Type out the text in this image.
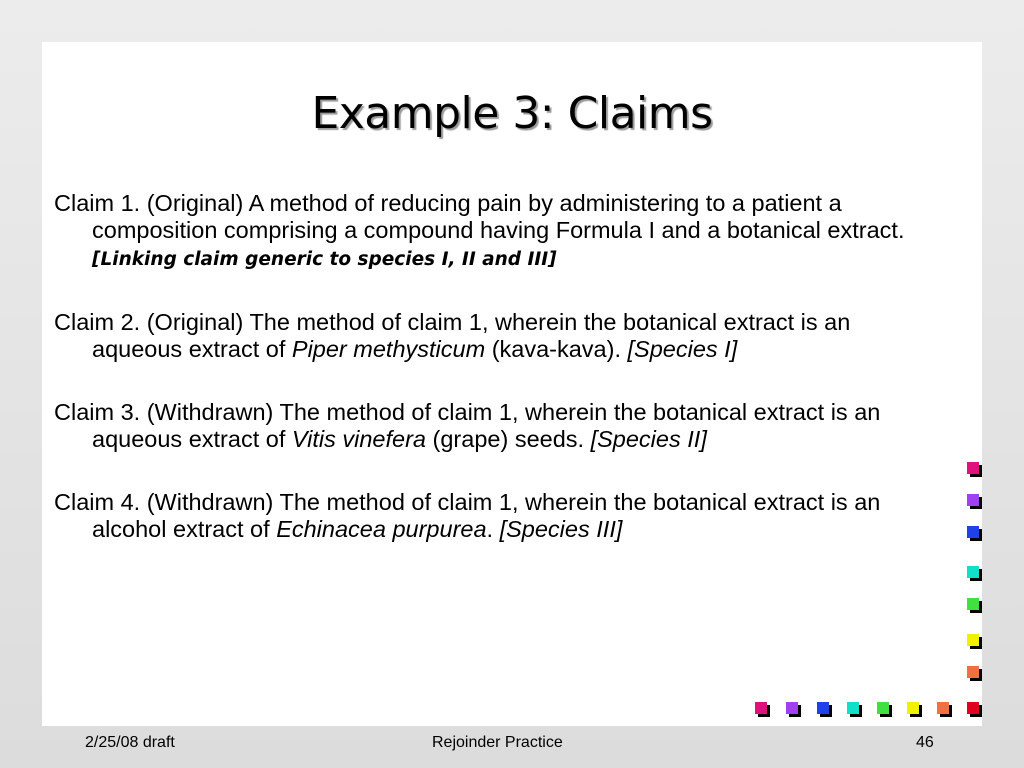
Example 3: Claims
Claim 1. (Original) A method of reducing pain by administering to a patient a composition comprising a compound having Formula I and a botanical extract. [Linking claim generic to species I, II and III]
Claim 2. (Original) The method of claim 1, wherein the botanical extract is an aqueous extract of Piper methysticum (kava-kava). [Species I]
Claim 3. (Withdrawn) The method of claim 1, wherein the botanical extract is an aqueous extract of Vitis vinefera (grape) seeds. [Species II]
Claim 4. (Withdrawn) The method of claim 1, wherein the botanical extract is an alcohol extract of Echinacea purpurea. [Species III]
2/25/08 draft	Rejoinder Practice	46
